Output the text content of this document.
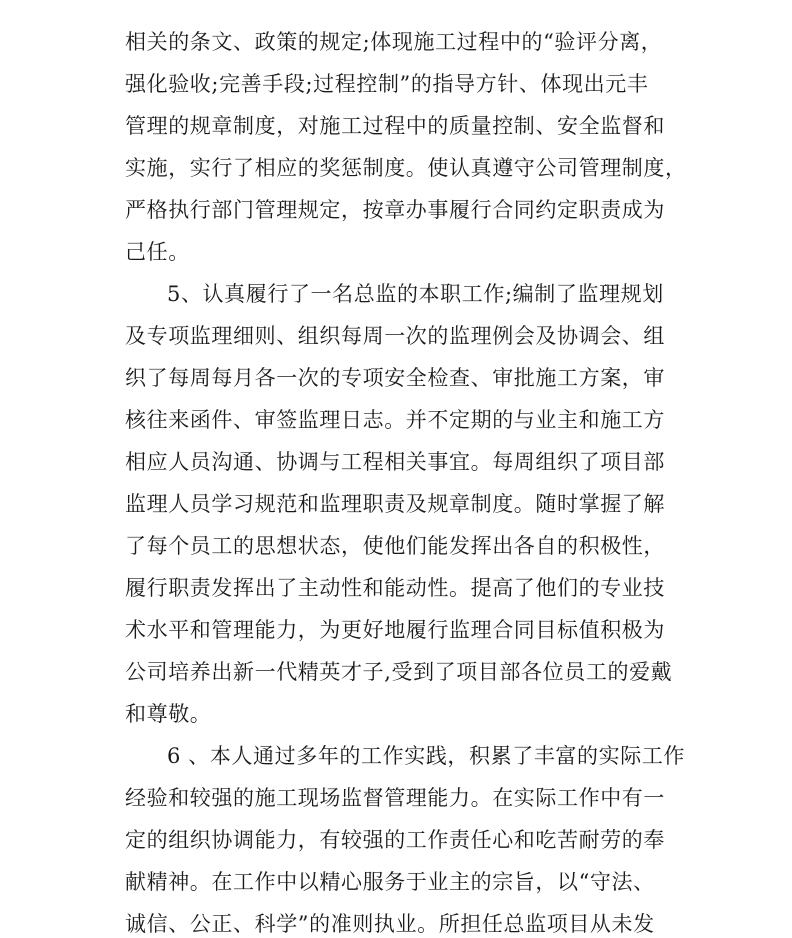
相关的条文、政策的规定;体现施工过程中的“验评分离，
强化验收;完善手段;过程控制”的指导方针、体现出元丰
管理的规章制度，对施工过程中的质量控制、安全监督和
实施，实行了相应的奖惩制度。使认真遵守公司管理制度，
严格执行部门管理规定，按章办事履行合同约定职责成为
己任。
5、认真履行了一名总监的本职工作;编制了监理规划
及专项监理细则、组织每周一次的监理例会及协调会、组
织了每周每月各一次的专项安全检查、审批施工方案，审
核往来函件、审签监理日志。并不定期的与业主和施工方
相应人员沟通、协调与工程相关事宜。每周组织了项目部
监理人员学习规范和监理职责及规章制度。随时掌握了解
了每个员工的思想状态，使他们能发挥出各自的积极性，
履行职责发挥出了主动性和能动性。提高了他们的专业技
术水平和管理能力，为更好地履行监理合同目标值积极为
公司培养出新一代精英才子,受到了项目部各位员工的爱戴
和尊敬。
6 、本人通过多年的工作实践，积累了丰富的实际工作
经验和较强的施工现场监督管理能力。在实际工作中有一
定的组织协调能力，有较强的工作责任心和吃苦耐劳的奉
献精神。在工作中以精心服务于业主的宗旨，以“守法、
诚信、公正、科学”的准则执业。所担任总监项目从未发
